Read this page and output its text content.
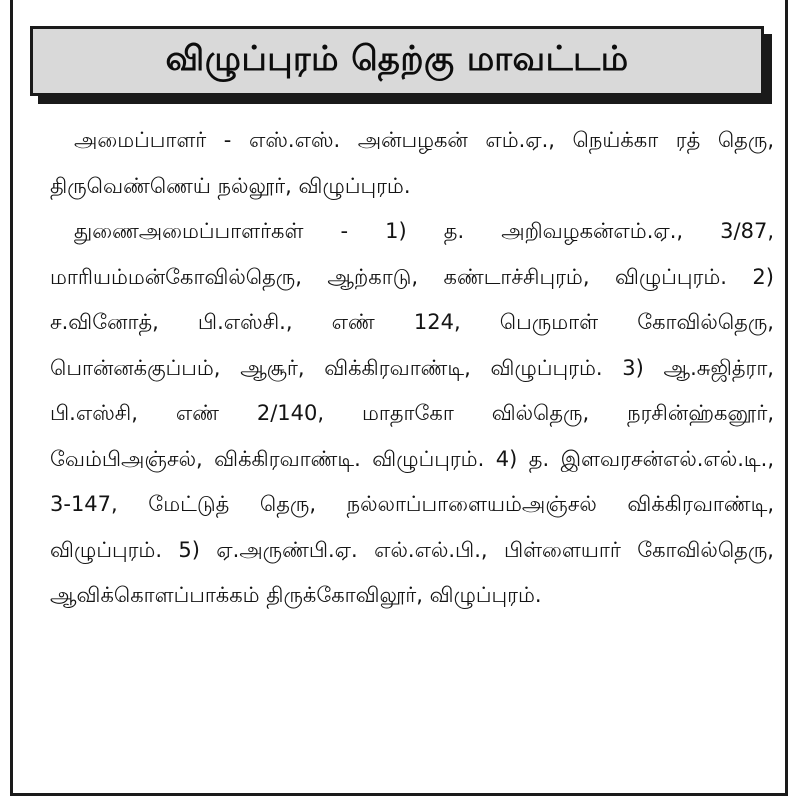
விழுப்புரம் தெற்கு மாவட்டம்

அமைப்பாளர் - எஸ்.எஸ். அன்பழகன் எம்.ஏ., நெய்க்கா ரத் தெரு, திருவெண்ணெய் நல்லூர், விழுப்புரம்.

துணைஅமைப்பாளர்கள் - 1) த. அறிவழகன்எம்.ஏ., 3/87, மாரியம்மன்கோவில்தெரு, ஆற்காடு, கண்டாச்சிபுரம், விழுப்புரம். 2) ச.வினோத், பி.எஸ்சி., எண் 124, பெருமாள் கோவில்தெரு, பொன்னக்குப்பம், ஆசூர், விக்கிரவாண்டி, விழுப்புரம். 3) ஆ.சுஜித்ரா, பி.எஸ்சி, எண் 2/140, மாதாகோ வில்தெரு, நரசின்ஹ்கனூர், வேம்பிஅஞ்சல், விக்கிரவாண்டி. விழுப்புரம். 4) த. இளவரசன்எல்.எல்.டி., 3-147, மேட்டுத் தெரு, நல்லாப்பாளையம்அஞ்சல் விக்கிரவாண்டி, விழுப்புரம். 5) ஏ.அருண்பி.ஏ. எல்.எல்.பி., பிள்ளையார் கோவில்தெரு, ஆவிக்கொளப்பாக்கம் திருக்கோவிலூர், விழுப்புரம்.
